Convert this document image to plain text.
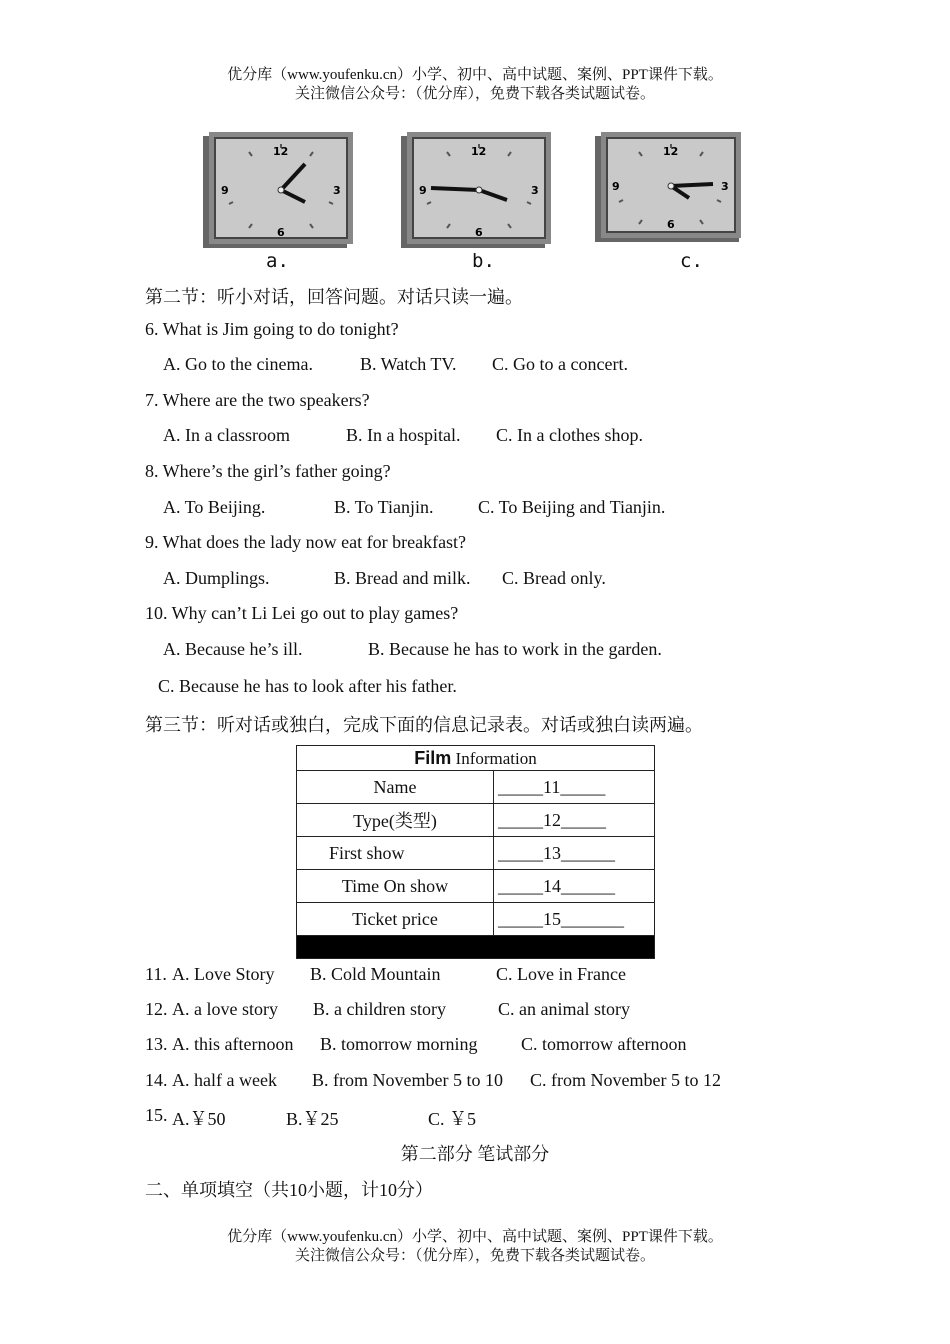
优分库（www.youfenku.cn）小学、初中、高中试题、案例、PPT课件下载。
关注微信公众号：（优分库），免费下载各类试题试卷。
12
9	3
6
a.
12
9	3
6
b.
12
9	3
6
c.
第二节：听小对话，回答问题。对话只读一遍。
6. What is Jim going to do tonight?
A. Go to the cinema.	B. Watch TV. C. Go to a concert.
7. Where are the two speakers?
A. In a classroom	B. In a hospital. C. In a clothes shop.
8. Where’s the girl’s father going?
A. To Beijing.	B. To Tianjin. C. To Beijing and Tianjin.
9. What does the lady now eat for breakfast?
A. Dumplings.	B. Bread and milk. C. Bread only.
10. Why can’t Li Lei go out to play games?
A. Because he’s ill.	B. Because he has to work in the garden.
C. Because he has to look after his father.
第三节：听对话或独白，完成下面的信息记录表。对话或独白读两遍。
Film Information	
Name	_____11_____
Type(类型)	_____12_____
First show	_____13______
Time On show	_____14______
Ticket price	_____15_______

11. A. Love Story B. Cold Mountain	C. Love in France
12. A. a love story B. a children story	C. an animal story
13. A. this afternoon B. tomorrow morning C. tomorrow afternoon
14. A. half a week B. from November 5 to 10 C. from November 5 to 12
15. A.￥50	B.￥25	C. ￥5
第二部分 笔试部分
二、单项填空（共10小题，计10分）
优分库（www.youfenku.cn）小学、初中、高中试题、案例、PPT课件下载。
关注微信公众号：（优分库），免费下载各类试题试卷。
